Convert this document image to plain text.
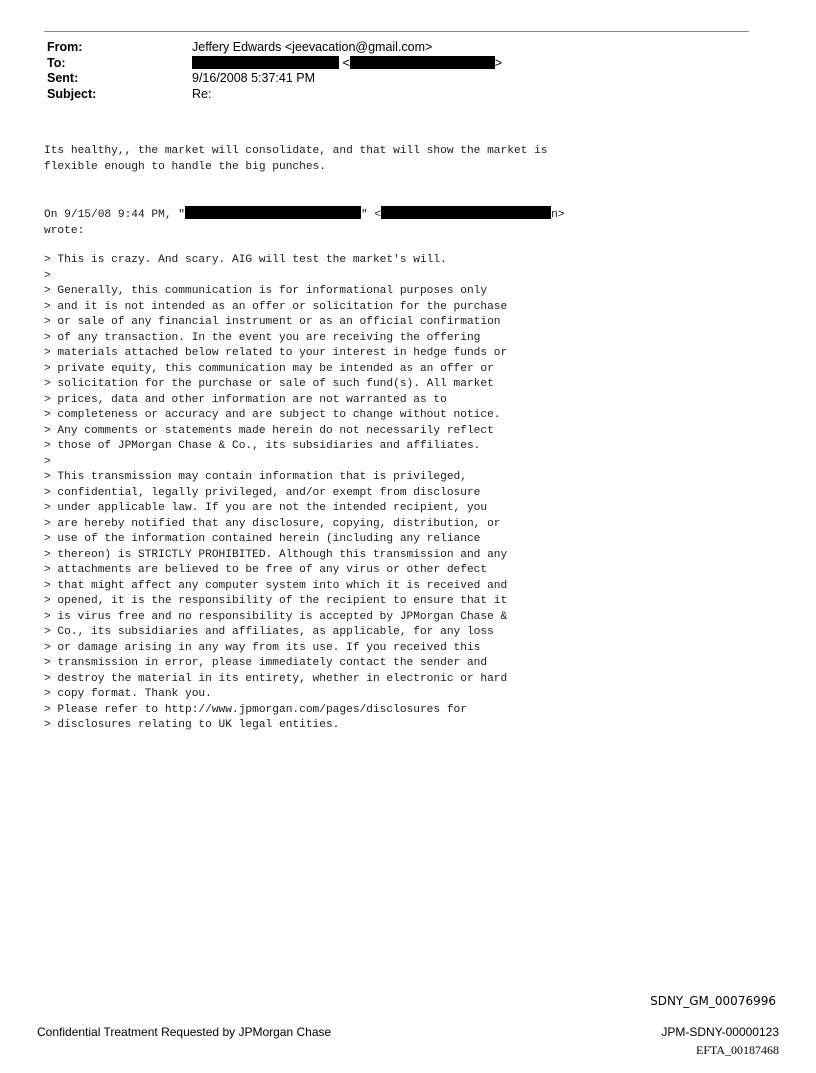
From:	Jeffery Edwards <jeevacation@gmail.com>
To:	<	>
Sent:	9/16/2008 5:37:41 PM
Subject:	Re:
Its healthy,, the market will consolidate, and that will show the market is
flexible enough to handle the big punches.
On 9/15/08 9:44 PM, "	" <	n>
wrote:
> This is crazy. And scary. AIG will test the market's will.
>
> Generally, this communication is for informational purposes only
> and it is not intended as an offer or solicitation for the purchase
> or sale of any financial instrument or as an official confirmation
> of any transaction. In the event you are receiving the offering
> materials attached below related to your interest in hedge funds or
> private equity, this communication may be intended as an offer or
> solicitation for the purchase or sale of such fund(s). All market
> prices, data and other information are not warranted as to
> completeness or accuracy and are subject to change without notice.
> Any comments or statements made herein do not necessarily reflect
> those of JPMorgan Chase & Co., its subsidiaries and affiliates.
>
> This transmission may contain information that is privileged,
> confidential, legally privileged, and/or exempt from disclosure
> under applicable law. If you are not the intended recipient, you
> are hereby notified that any disclosure, copying, distribution, or
> use of the information contained herein (including any reliance
> thereon) is STRICTLY PROHIBITED. Although this transmission and any
> attachments are believed to be free of any virus or other defect
> that might affect any computer system into which it is received and
> opened, it is the responsibility of the recipient to ensure that it
> is virus free and no responsibility is accepted by JPMorgan Chase &
> Co., its subsidiaries and affiliates, as applicable, for any loss
> or damage arising in any way from its use. If you received this
> transmission in error, please immediately contact the sender and
> destroy the material in its entirety, whether in electronic or hard
> copy format. Thank you.
> Please refer to http://www.jpmorgan.com/pages/disclosures for
> disclosures relating to UK legal entities.
SDNY_GM_00076996
Confidential Treatment Requested by JPMorgan Chase	JPM-SDNY-00000123
EFTA_00187468
